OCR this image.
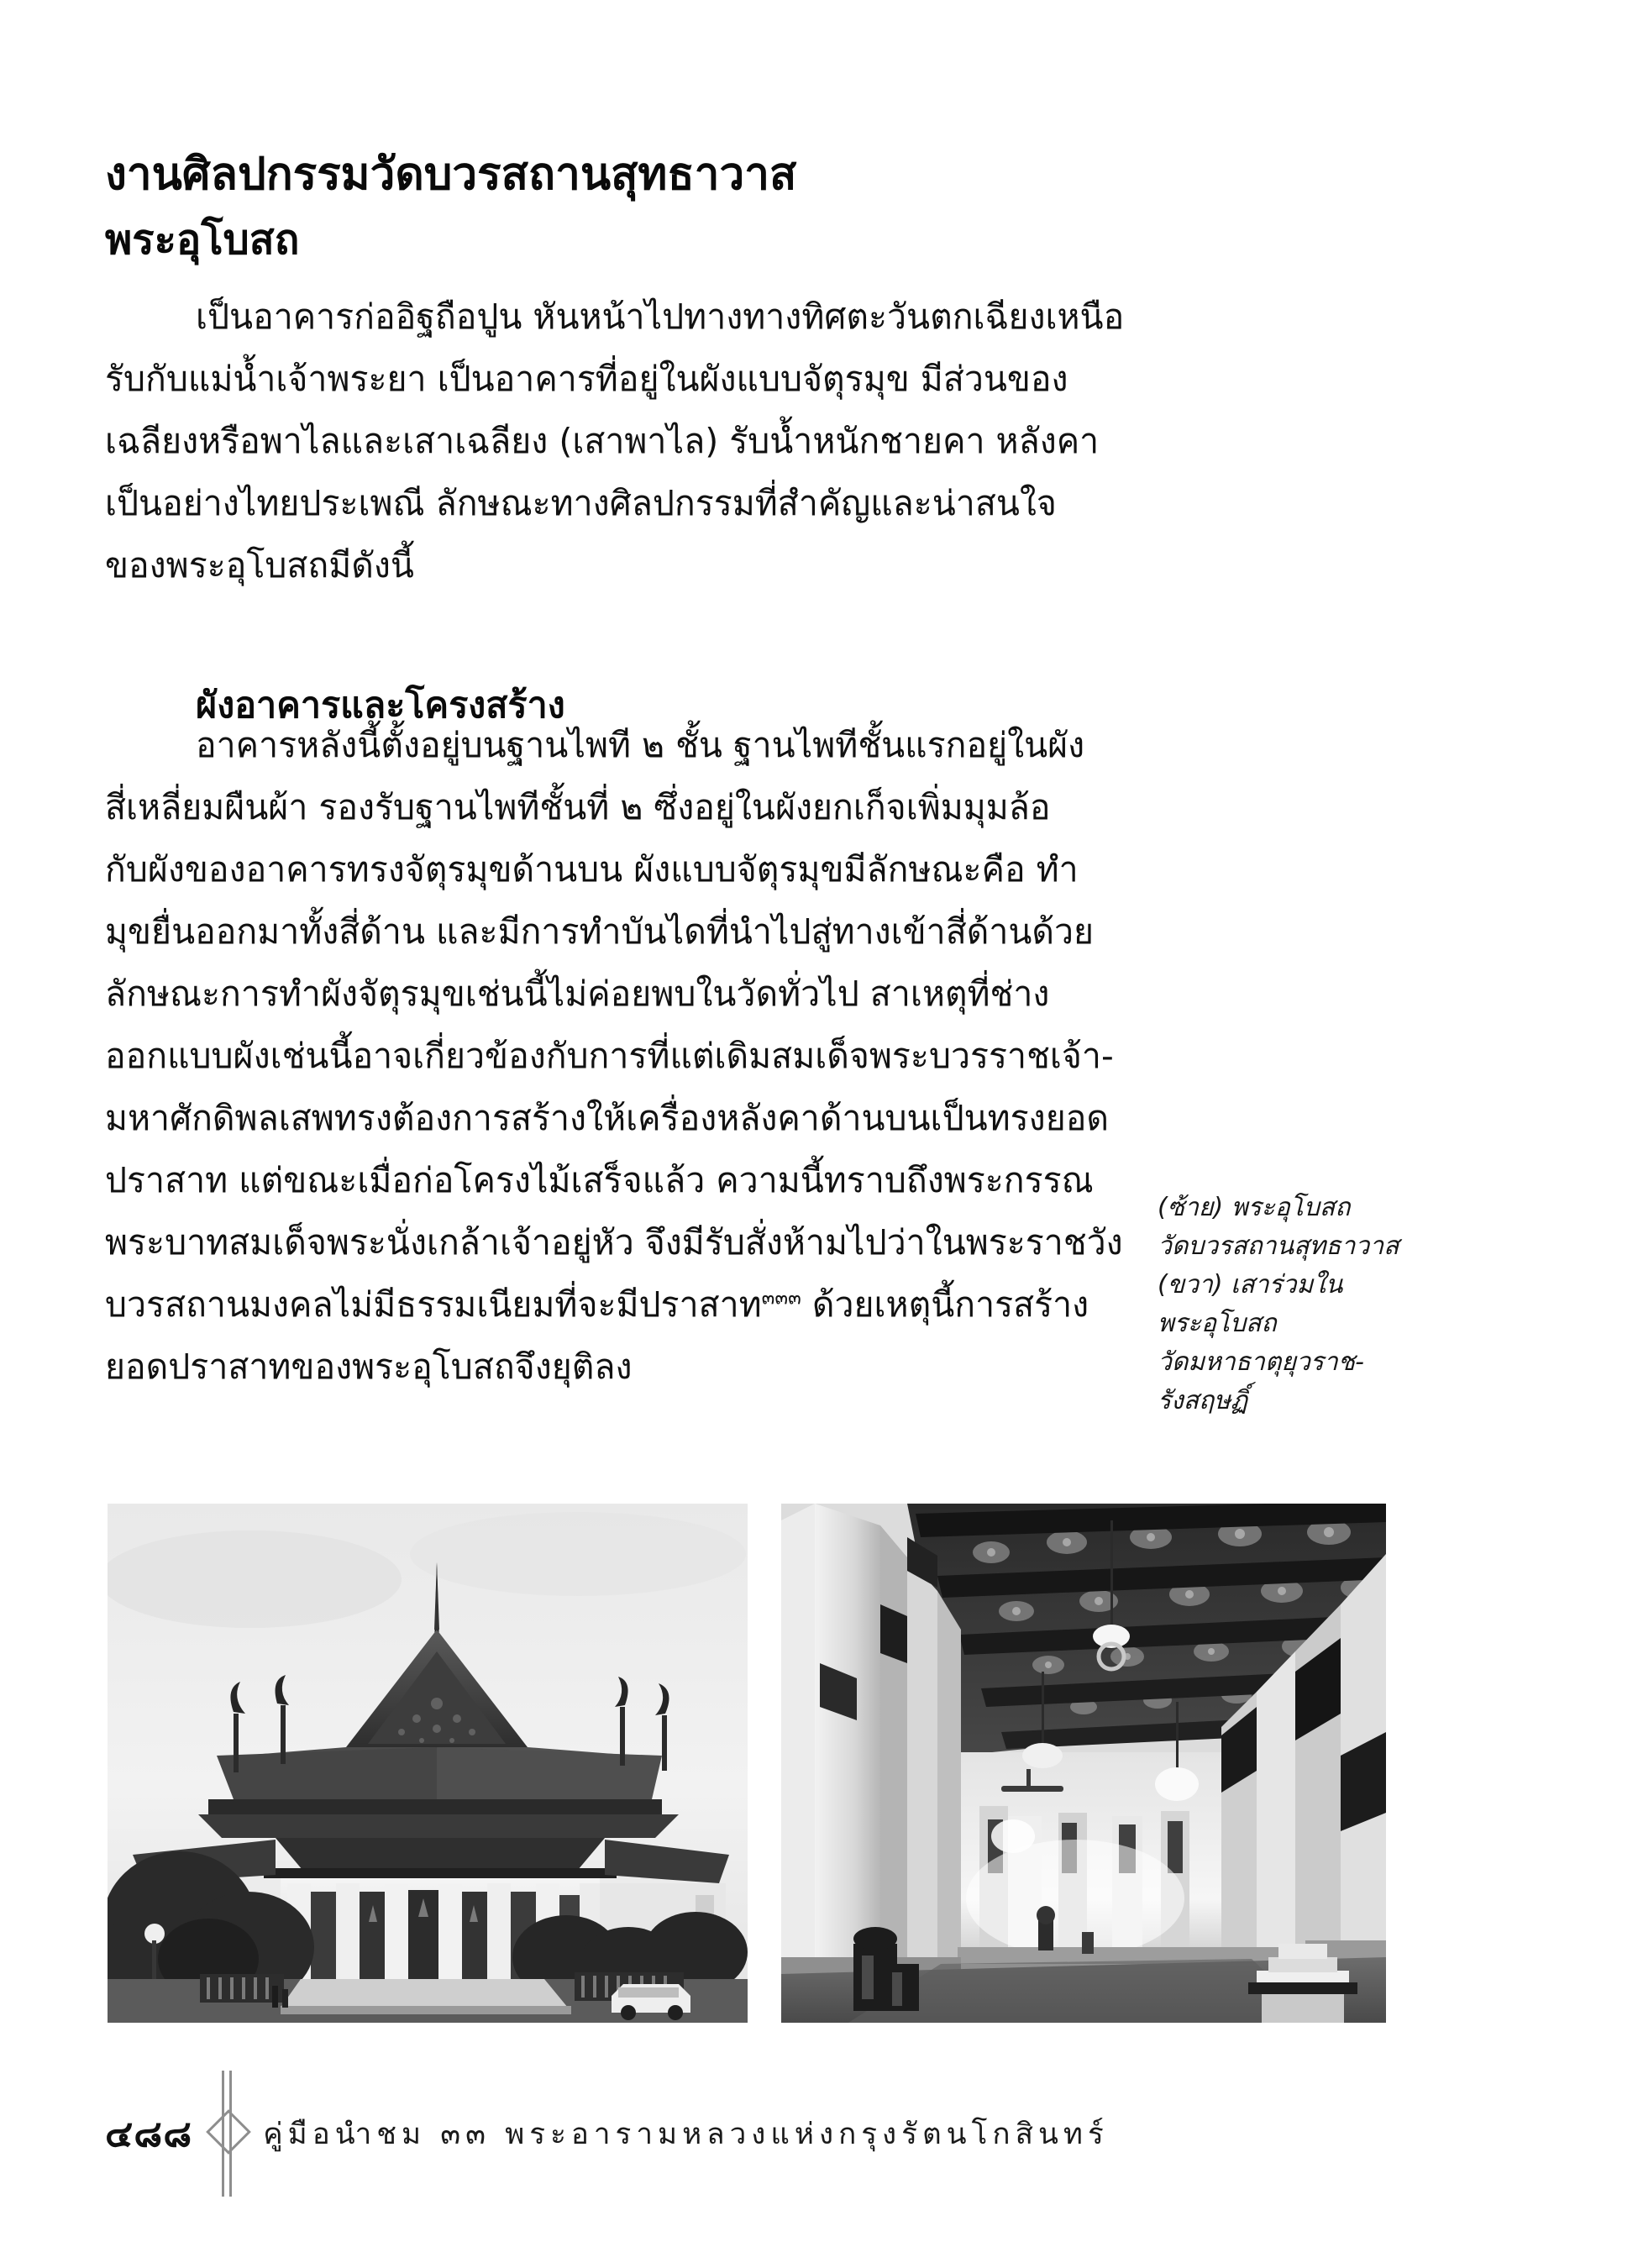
งานศิลปกรรมวัดบวรสถานสุทธาวาส
พระอุโบสถ
เป็นอาคารก่ออิฐถือปูน หันหน้าไปทางทางทิศตะวันตกเฉียงเหนือ
รับกับแม่น้ำเจ้าพระยา เป็นอาคารที่อยู่ในผังแบบจัตุรมุข มีส่วนของ
เฉลียงหรือพาไลและเสาเฉลียง (เสาพาไล) รับน้ำหนักชายคา หลังคา
เป็นอย่างไทยประเพณี ลักษณะทางศิลปกรรมที่สำคัญและน่าสนใจ
ของพระอุโบสถมีดังนี้
ผังอาคารและโครงสร้าง
อาคารหลังนี้ตั้งอยู่บนฐานไพที ๒ ชั้น ฐานไพทีชั้นแรกอยู่ในผัง
สี่เหลี่ยมผืนผ้า รองรับฐานไพทีชั้นที่ ๒ ซึ่งอยู่ในผังยกเก็จเพิ่มมุมล้อ
กับผังของอาคารทรงจัตุรมุขด้านบน ผังแบบจัตุรมุขมีลักษณะคือ ทำ
มุขยื่นออกมาทั้งสี่ด้าน และมีการทำบันไดที่นำไปสู่ทางเข้าสี่ด้านด้วย
ลักษณะการทำผังจัตุรมุขเช่นนี้ไม่ค่อยพบในวัดทั่วไป สาเหตุที่ช่าง
ออกแบบผังเช่นนี้อาจเกี่ยวข้องกับการที่แต่เดิมสมเด็จพระบวรราชเจ้า-
มหาศักดิพลเสพทรงต้องการสร้างให้เครื่องหลังคาด้านบนเป็นทรงยอด
ปราสาท แต่ขณะเมื่อก่อโครงไม้เสร็จแล้ว ความนี้ทราบถึงพระกรรณ
พระบาทสมเด็จพระนั่งเกล้าเจ้าอยู่หัว จึงมีรับสั่งห้ามไปว่าในพระราชวัง
บวรสถานมงคลไม่มีธรรมเนียมที่จะมีปราสาท$^{๓๓๓}$ ด้วยเหตุนี้การสร้าง
ยอดปราสาทของพระอุโบสถจึงยุติลง
(ซ้าย) พระอุโบสถ
วัดบวรสถานสุทธาวาส
(ขวา) เสาร่วมใน
พระอุโบสถ
วัดมหาธาตุยุวราช-
รังสฤษฏิ์
๔๘๘ คู่มือนำชม ๓๓ พระอารามหลวงแห่งกรุงรัตนโกสินทร์
